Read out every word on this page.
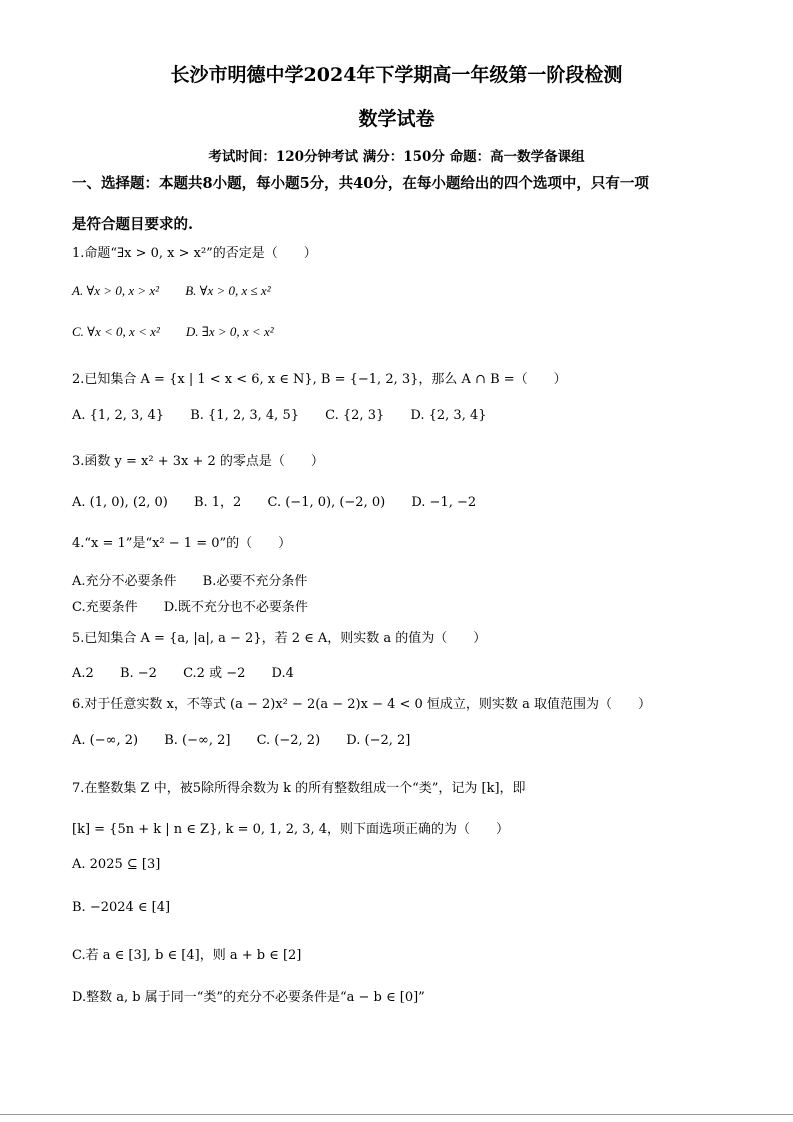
长沙市明德中学2024年下学期高一年级第一阶段检测
数学试卷
考试时间：120分钟考试 满分：150分 命题：高一数学备课组
一、选择题：本题共8小题，每小题5分，共40分，在每小题给出的四个选项中，只有一项
是符合题目要求的.
1.命题“∃x > 0, x > x²”的否定是（　　）
A. ∀x > 0, x > x² B. ∀x > 0, x ≤ x²
C. ∀x < 0, x < x² D. ∃x > 0, x < x²
2.已知集合 A = {x | 1 < x < 6, x ∈ N}, B = {−1, 2, 3}，那么 A ∩ B =（　　）
A. {1, 2, 3, 4} B. {1, 2, 3, 4, 5} C. {2, 3} D. {2, 3, 4}
3.函数 y = x² + 3x + 2 的零点是（　　）
A. (1, 0), (2, 0) B. 1，2 C. (−1, 0), (−2, 0) D. −1, −2
4.“x = 1”是“x² − 1 = 0”的（　　）
A.充分不必要条件 B.必要不充分条件
C.充要条件 D.既不充分也不必要条件
5.已知集合 A = {a, |a|, a − 2}，若 2 ∈ A，则实数 a 的值为（　　）
A.2 B. −2 C.2 或 −2 D.4
6.对于任意实数 x，不等式 (a − 2)x² − 2(a − 2)x − 4 < 0 恒成立，则实数 a 取值范围为（　　）
A. (−∞, 2) B. (−∞, 2] C. (−2, 2) D. (−2, 2]
7.在整数集 Z 中，被5除所得余数为 k 的所有整数组成一个“类”，记为 [k]，即
[k] = {5n + k | n ∈ Z}, k = 0, 1, 2, 3, 4，则下面选项正确的为（　　）
A. 2025 ⊆ [3]
B. −2024 ∈ [4]
C.若 a ∈ [3], b ∈ [4]，则 a + b ∈ [2]
D.整数 a, b 属于同一“类”的充分不必要条件是“a − b ∈ [0]”
